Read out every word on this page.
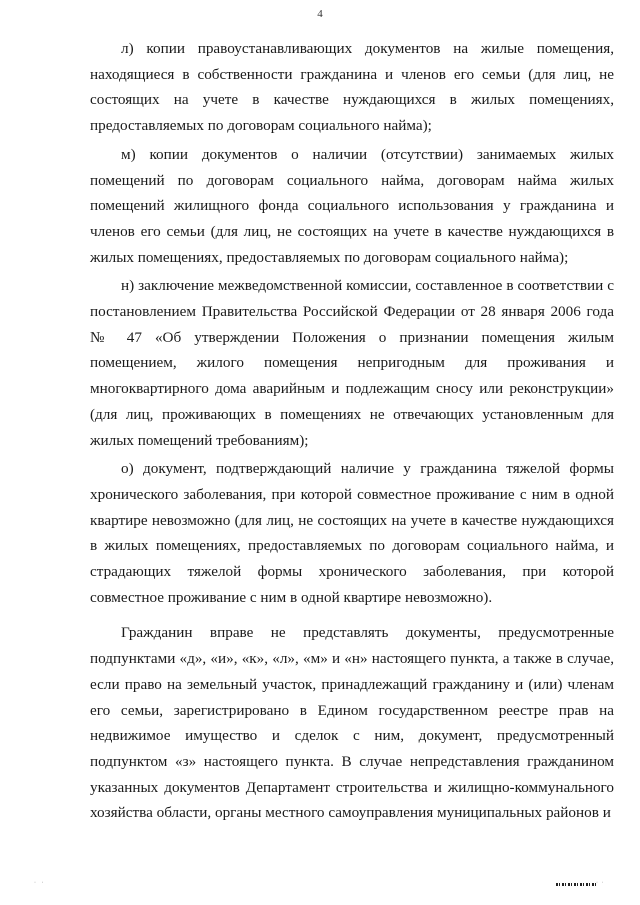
4

л) копии правоустанавливающих документов на жилые помещения, находящиеся в собственности гражданина и членов его семьи (для лиц, не состоящих на учете в качестве нуждающихся в жилых помещениях, предоставляемых по договорам социального найма);

м) копии документов о наличии (отсутствии) занимаемых жилых помещений по договорам социального найма, договорам найма жилых помещений жилищного фонда социального использования у гражданина и членов его семьи (для лиц, не состоящих на учете в качестве нуждающихся в жилых помещениях, предоставляемых по договорам социального найма);

н) заключение межведомственной комиссии, составленное в соответствии с постановлением Правительства Российской Федерации от 28 января 2006 года № 47 «Об утверждении Положения о признании помещения жилым помещением, жилого помещения непригодным для проживания и многоквартирного дома аварийным и подлежащим сносу или реконструкции» (для лиц, проживающих в помещениях не отвечающих установленным для жилых помещений требованиям);

о) документ, подтверждающий наличие у гражданина тяжелой формы хронического заболевания, при которой совместное проживание с ним в одной квартире невозможно (для лиц, не состоящих на учете в качестве нуждающихся в жилых помещениях, предоставляемых по договорам социального найма, и страдающих тяжелой формы хронического заболевания, при которой совместное проживание с ним в одной квартире невозможно).

Гражданин вправе не представлять документы, предусмотренные подпунктами «д», «и», «к», «л», «м» и «н» настоящего пункта, а также в случае, если право на земельный участок, принадлежащий гражданину и (или) членам его семьи, зарегистрировано в Едином государственном реестре прав на недвижимое имущество и сделок с ним, документ, предусмотренный подпунктом «з» настоящего пункта. В случае непредставления гражданином указанных документов Департамент строительства и жилищно-коммунального хозяйства области, органы местного самоуправления муниципальных районов и

· ·	· ·
